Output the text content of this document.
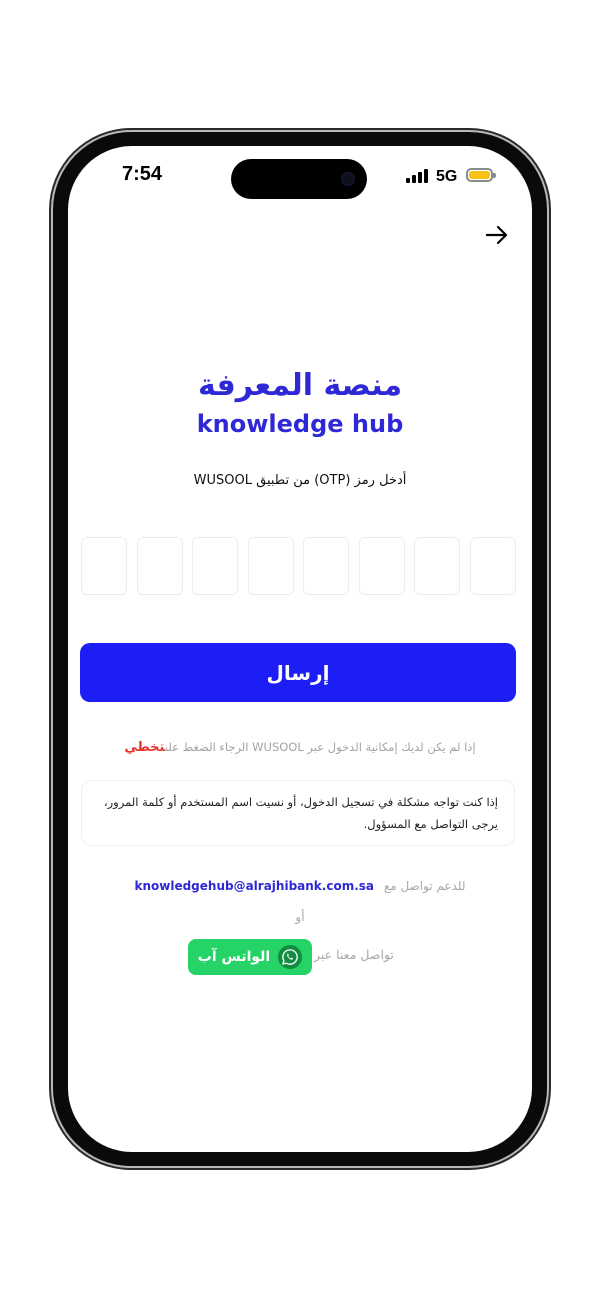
7:54	5G
منصة المعرفة
knowledge hub
أدخل رمز (OTP) من تطبيق WUSOOL
إرسال
إذا لم يكن لديك إمكانية الدخول عبر WUSOOL الرجاء الضغط علىتخطي
إذا كنت تواجه مشكلة في تسجيل الدخول، أو نسيت اسم المستخدم أو كلمة المرور، يرجى التواصل مع المسؤول.
للدعم تواصل مع knowledgehub@alrajhibank.com.sa
أو
تواصل معنا عبر
الواتس آب
